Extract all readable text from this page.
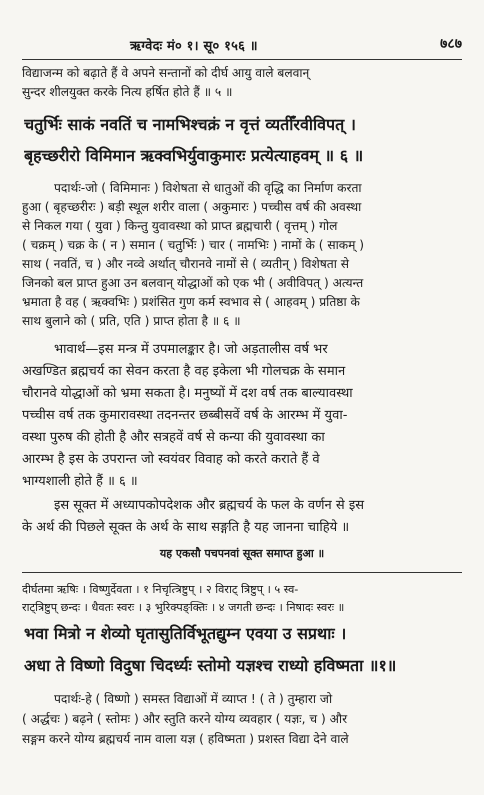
ऋग्वेदः मं० १। सू० १५६ ॥	७८७
विद्याजन्म को बढ़ाते हैं वे अपने सन्तानों को दीर्घ आयु वाले बलवान्
सुन्दर शीलयुक्त करके नित्य हर्षित होते हैं ॥ ५ ॥
चतुर्भिः साकं नवतिं च नामभिश्चक्रं न वृत्तं व्यतीँरवीविपत् ।
बृहच्छरीरो विमिमान ऋक्वभिर्युवाकुमारः प्रत्येत्याहवम् ॥ ६ ॥
पदार्थः-जो ( विमिमानः ) विशेषता से धातुओं की वृद्धि का निर्माण करता
हुआ ( बृहच्छरीरः ) बड़ी स्थूल शरीर वाला ( अकुमारः ) पच्चीस वर्ष की अवस्था
से निकल गया ( युवा ) किन्तु युवावस्था को प्राप्त ब्रह्मचारी ( वृत्तम् ) गोल
( चक्रम् ) चक्र के ( न ) समान ( चतुर्भिः ) चार ( नामभिः ) नामों के ( साकम् )
साथ ( नवतिं, च ) और नव्वे अर्थात् चौरानवे नामों से ( व्यतीन् ) विशेषता से
जिनको बल प्राप्त हुआ उन बलवान् योद्धाओं को एक भी ( अवीविपत् ) अत्यन्त
भ्रमाता है वह ( ऋक्वभिः ) प्रशंसित गुण कर्म स्वभाव से ( आहवम् ) प्रतिष्ठा के
साथ बुलाने को ( प्रति, एति ) प्राप्त होता है ॥ ६ ॥
भावार्थ—इस मन्त्र में उपमालङ्कार है। जो अड़तालीस वर्ष भर
अखण्डित ब्रह्मचर्य का सेवन करता है वह इकेला भी गोलचक्र के समान
चौरानवे योद्धाओं को भ्रमा सकता है। मनुष्यों में दश वर्ष तक बाल्यावस्था
पच्चीस वर्ष तक कुमारावस्था तदनन्तर छब्बीसवें वर्ष के आरम्भ में युवा-
वस्था पुरुष की होती है और सत्रहवें वर्ष से कन्या की युवावस्था का
आरम्भ है इस के उपरान्त जो स्वयंवर विवाह को करते कराते हैं वे
भाग्यशाली होते हैं ॥ ६ ॥
इस सूक्त में अध्यापकोपदेशक और ब्रह्मचर्य के फल के वर्णन से इस
के अर्थ की पिछले सूक्त के अर्थ के साथ सङ्गति है यह जानना चाहिये ॥
यह एकसौ पचपनवां सूक्त समाप्त हुआ ॥
दीर्घतमा ऋषिः । विष्णुर्देवता । १ निचृत्त्रिष्टुप् । २ विराट् त्रिष्टुप् । ५ स्व-
राट्त्रिष्टुप् छन्दः । धैवतः स्वरः । ३ भुरिक्पङ्क्तिः । ४ जगती छन्दः । निषादः स्वरः ॥
भवा मित्रो न शेव्यो घृतासुतिर्विभूतद्युम्न एवया उ सप्रथाः ।
अधा ते विष्णो विदुषा चिदर्ध्यः स्तोमो यज्ञश्च राध्यो हविष्मता ॥१॥
पदार्थः-हे ( विष्णो ) समस्त विद्याओं में व्याप्त ! ( ते ) तुम्हारा जो
( अर्द्धचः ) बढ़ने ( स्तोमः ) और स्तुति करने योग्य व्यवहार ( यज्ञः, च ) और
सङ्गम करने योग्य ब्रह्मचर्य नाम वाला यज्ञ ( हविष्मता ) प्रशस्त विद्या देने वाले
